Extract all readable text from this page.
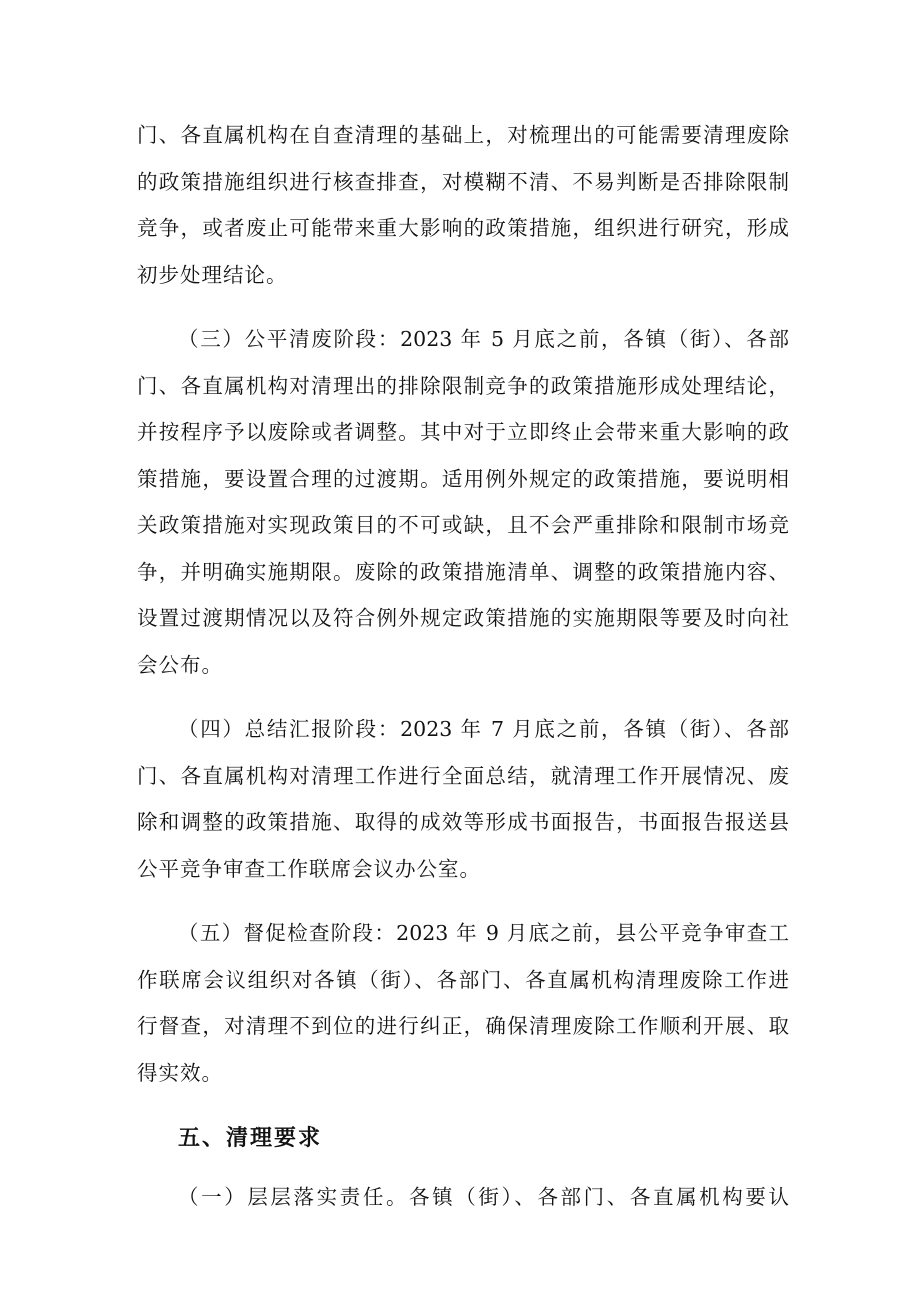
门、各直属机构在自查清理的基础上，对梳理出的可能需要清理废除
的政策措施组织进行核查排查，对模糊不清、不易判断是否排除限制
竞争，或者废止可能带来重大影响的政策措施，组织进行研究，形成
初步处理结论。
（三）公平清废阶段：2023 年 5 月底之前，各镇（街）、各部
门、各直属机构对清理出的排除限制竞争的政策措施形成处理结论，
并按程序予以废除或者调整。其中对于立即终止会带来重大影响的政
策措施，要设置合理的过渡期。适用例外规定的政策措施，要说明相
关政策措施对实现政策目的不可或缺，且不会严重排除和限制市场竞
争，并明确实施期限。废除的政策措施清单、调整的政策措施内容、
设置过渡期情况以及符合例外规定政策措施的实施期限等要及时向社
会公布。
（四）总结汇报阶段：2023 年 7 月底之前，各镇（街）、各部
门、各直属机构对清理工作进行全面总结，就清理工作开展情况、废
除和调整的政策措施、取得的成效等形成书面报告，书面报告报送县
公平竞争审查工作联席会议办公室。
（五）督促检查阶段：2023 年 9 月底之前，县公平竞争审查工
作联席会议组织对各镇（街）、各部门、各直属机构清理废除工作进
行督查，对清理不到位的进行纠正，确保清理废除工作顺利开展、取
得实效。
五、清理要求
（一）层层落实责任。各镇（街）、各部门、各直属机构要认
